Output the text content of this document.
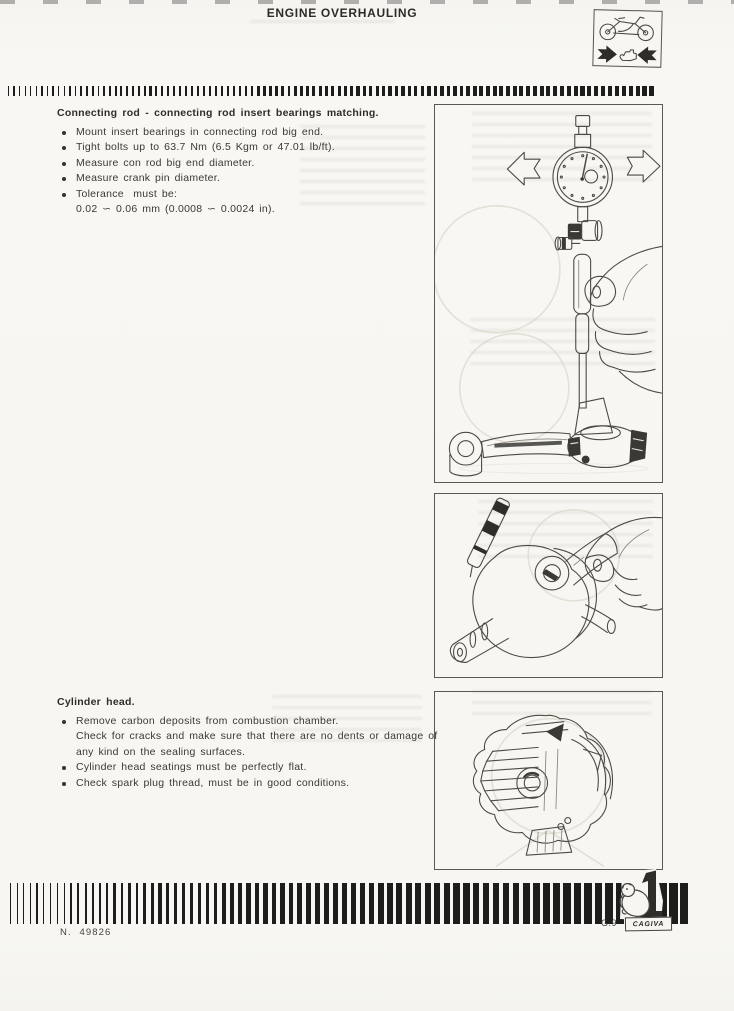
ENGINE OVERHAULING
Connecting rod - connecting rod insert bearings matching.
Mount insert bearings in connecting rod big end.
Tight bolts up to 63.7 Nm (6.5 Kgm or 47.01 lb/ft).
Measure con rod big end diameter.
Measure crank pin diameter.
Tolerance  must be:
0.02 ∽ 0.06 mm (0.0008 ∽ 0.0024 in).
Cylinder head.
Remove carbon deposits from combustion chamber.
Check for cracks and make sure that there are no dents or damage of
any kind on the sealing surfaces.
Cylinder head seatings must be perfectly flat.
Check spark plug thread, must be in good conditions.
G.9	CAGIVA
N. 49826
